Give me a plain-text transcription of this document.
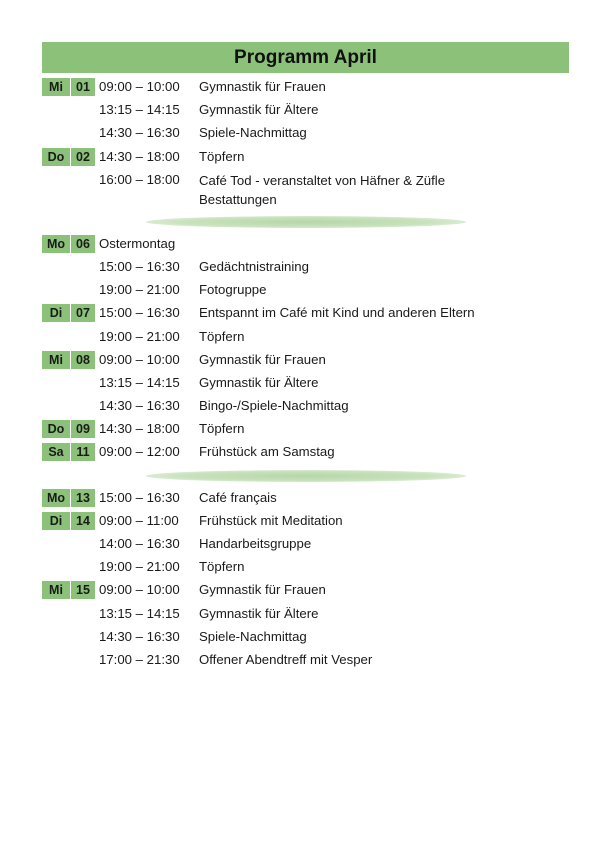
Programm April
Mi	01 09:00 – 10:00	Gymnastik für Frauen
13:15 – 14:15	Gymnastik für Ältere
14:30 – 16:30	Spiele-Nachmittag
Do 02 14:30 – 18:00	Töpfern
16:00 – 18:00	Café Tod - veranstaltet von Häfner & Züfle
Bestattungen
Mo 06 Ostermontag
15:00 – 16:30	Gedächtnistraining
19:00 – 21:00	Fotogruppe
Di	07 15:00 – 16:30	Entspannt im Café mit Kind und anderen Eltern
19:00 – 21:00	Töpfern
Mi	08 09:00 – 10:00	Gymnastik für Frauen
13:15 – 14:15	Gymnastik für Ältere
14:30 – 16:30	Bingo-/Spiele-Nachmittag
Do 09 14:30 – 18:00	Töpfern
Sa	11 09:00 – 12:00	Frühstück am Samstag
Mo 13 15:00 – 16:30	Café français
Di	14 09:00 – 11:00	Frühstück mit Meditation
14:00 – 16:30	Handarbeitsgruppe
19:00 – 21:00	Töpfern
Mi	15 09:00 – 10:00	Gymnastik für Frauen
13:15 – 14:15	Gymnastik für Ältere
14:30 – 16:30	Spiele-Nachmittag
17:00 – 21:30	Offener Abendtreff mit Vesper
